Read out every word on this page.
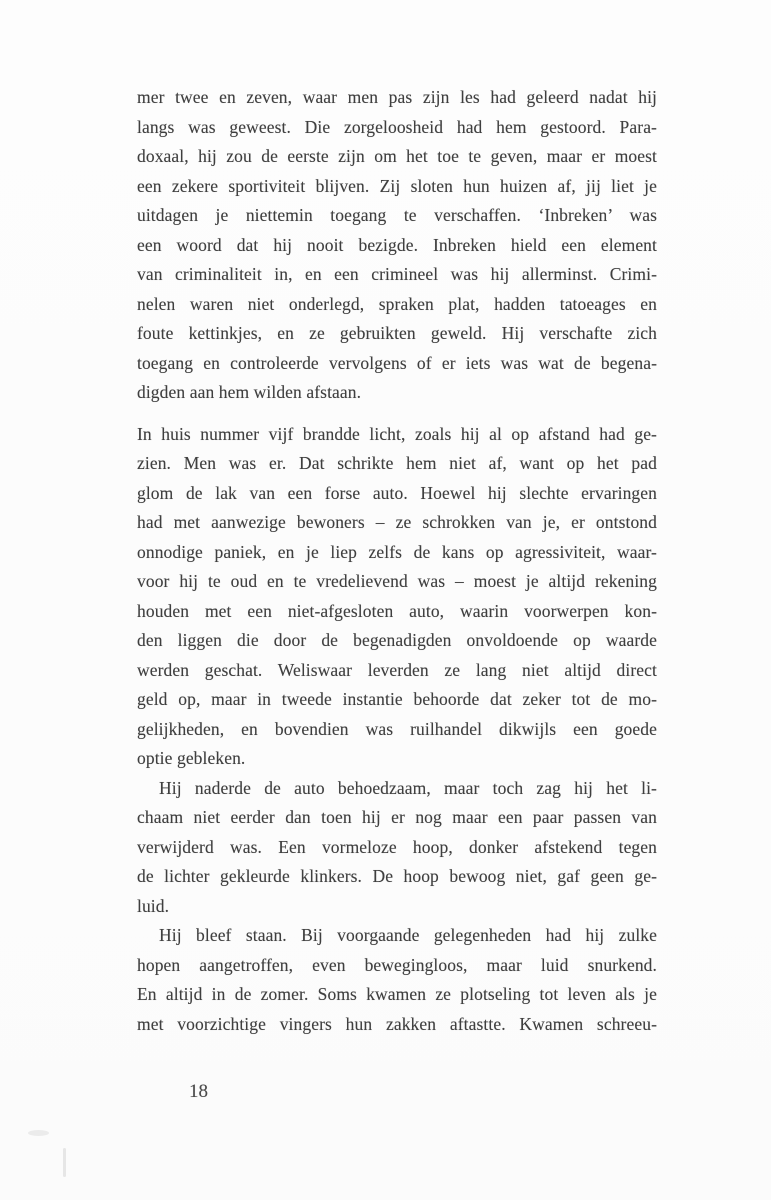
mer twee en zeven, waar men pas zijn les had geleerd nadat hij
langs was geweest. Die zorgeloosheid had hem gestoord. Para-
doxaal, hij zou de eerste zijn om het toe te geven, maar er moest
een zekere sportiviteit blijven. Zij sloten hun huizen af, jij liet je
uitdagen je niettemin toegang te verschaffen. ‘Inbreken’ was
een woord dat hij nooit bezigde. Inbreken hield een element
van criminaliteit in, en een crimineel was hij allerminst. Crimi-
nelen waren niet onderlegd, spraken plat, hadden tatoeages en
foute kettinkjes, en ze gebruikten geweld. Hij verschafte zich
toegang en controleerde vervolgens of er iets was wat de begena-
digden aan hem wilden afstaan.
In huis nummer vijf brandde licht, zoals hij al op afstand had ge-
zien. Men was er. Dat schrikte hem niet af, want op het pad
glom de lak van een forse auto. Hoewel hij slechte ervaringen
had met aanwezige bewoners – ze schrokken van je, er ontstond
onnodige paniek, en je liep zelfs de kans op agressiviteit, waar-
voor hij te oud en te vredelievend was – moest je altijd rekening
houden met een niet-afgesloten auto, waarin voorwerpen kon-
den liggen die door de begenadigden onvoldoende op waarde
werden geschat. Weliswaar leverden ze lang niet altijd direct
geld op, maar in tweede instantie behoorde dat zeker tot de mo-
gelijkheden, en bovendien was ruilhandel dikwijls een goede
optie gebleken.
Hij naderde de auto behoedzaam, maar toch zag hij het li-
chaam niet eerder dan toen hij er nog maar een paar passen van
verwijderd was. Een vormeloze hoop, donker afstekend tegen
de lichter gekleurde klinkers. De hoop bewoog niet, gaf geen ge-
luid.
Hij bleef staan. Bij voorgaande gelegenheden had hij zulke
hopen aangetroffen, even bewegingloos, maar luid snurkend.
En altijd in de zomer. Soms kwamen ze plotseling tot leven als je
met voorzichtige vingers hun zakken aftastte. Kwamen schreeu-
18
